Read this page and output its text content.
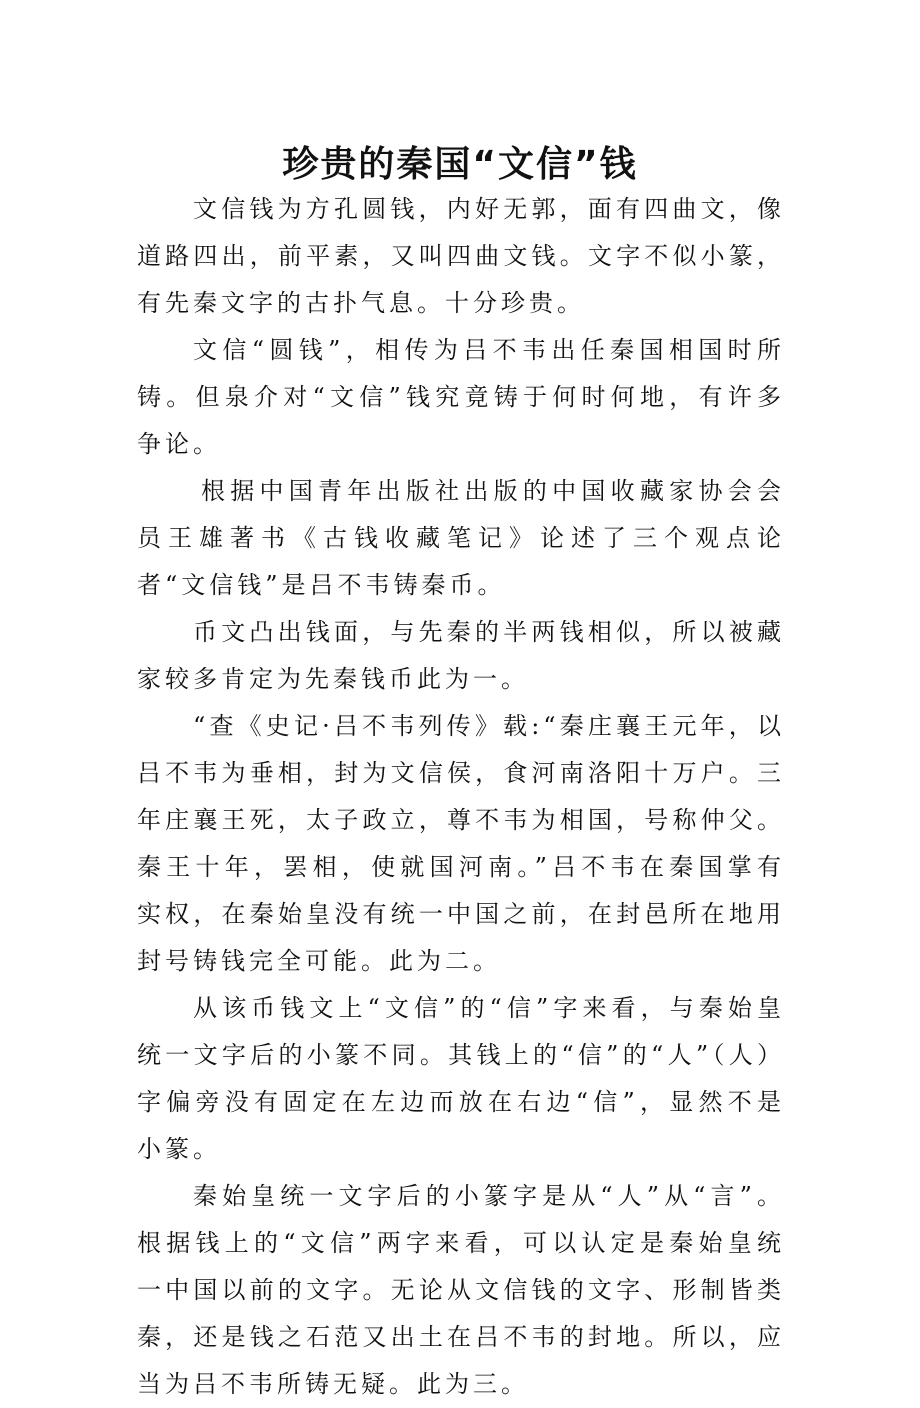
珍贵的秦国“文信”钱

文信钱为方孔圆钱，内好无郭，面有四曲文，像道路四出，前平素，又叫四曲文钱。文字不似小篆，有先秦文字的古扑气息。十分珍贵。

文信“圆钱”，相传为吕不韦出任秦国相国时所铸。但泉介对“文信”钱究竟铸于何时何地，有许多争论。

根据中国青年出版社出版的中国收藏家协会会员王雄著书《古钱收藏笔记》论述了三个观点论者“文信钱”是吕不韦铸秦币。

币文凸出钱面，与先秦的半两钱相似，所以被藏家较多肯定为先秦钱币此为一。

“查《史记·吕不韦列传》载:“秦庄襄王元年，以吕不韦为垂相，封为文信侯，食河南洛阳十万户。三年庄襄王死，太子政立，尊不韦为相国，号称仲父。秦王十年，罢相，使就国河南。”吕不韦在秦国掌有实权，在秦始皇没有统一中国之前，在封邑所在地用封号铸钱完全可能。此为二。

从该币钱文上“文信”的“信”字来看，与秦始皇统一文字后的小篆不同。其钱上的“信”的“人”（人）字偏旁没有固定在左边而放在右边“信”，显然不是小篆。

秦始皇统一文字后的小篆字是从“人”从“言”。根据钱上的“文信”两字来看，可以认定是秦始皇统一中国以前的文字。无论从文信钱的文字、形制皆类秦，还是钱之石范又出土在吕不韦的封地。所以，应当为吕不韦所铸无疑。此为三。
